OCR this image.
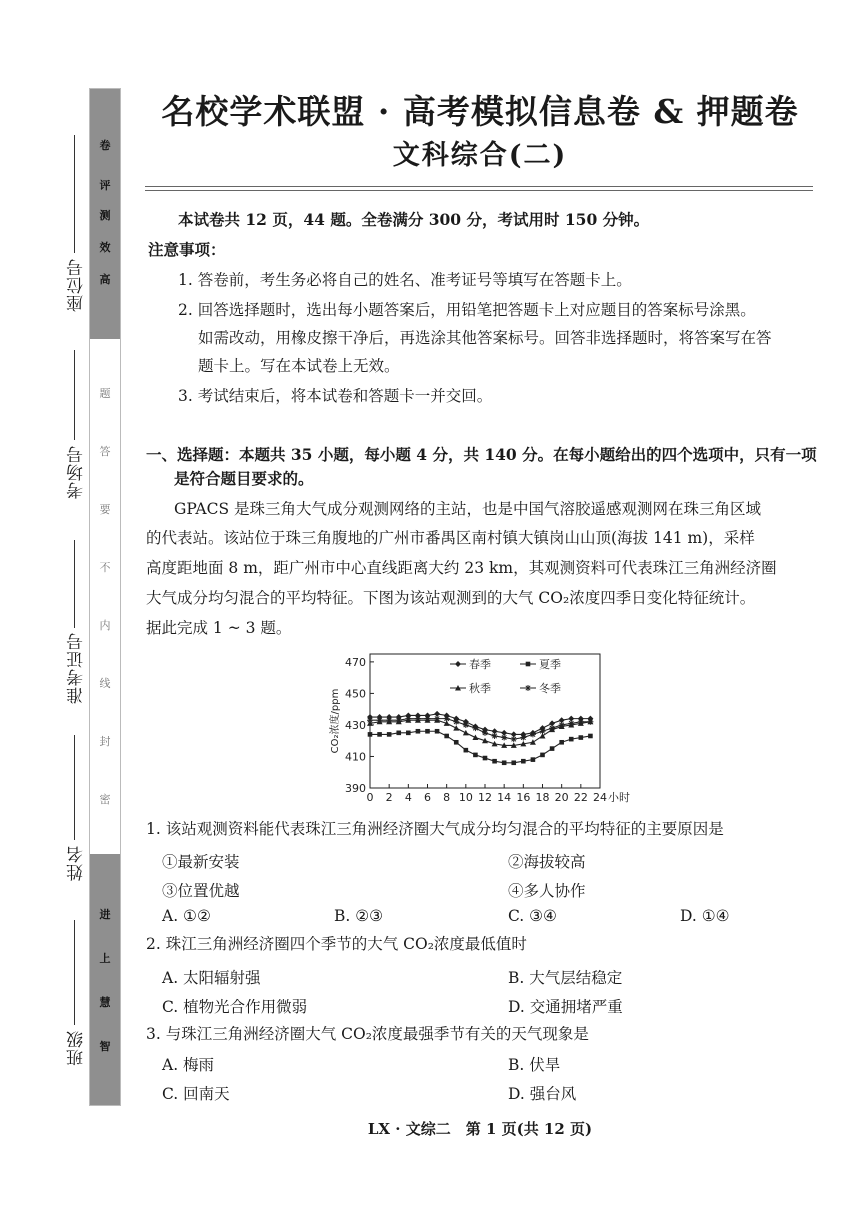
卷
评
测
效
高
题
答
要
不
内
线
封
密
进
上
慧
智
座位号
考场号
准考证号
姓名
班级
名校学术联盟 · 高考模拟信息卷 & 押题卷
文科综合(二)
本试卷共 12 页，44 题。全卷满分 300 分，考试用时 150 分钟。
注意事项：
1. 答卷前，考生务必将自己的姓名、准考证号等填写在答题卡上。
2. 回答选择题时，选出每小题答案后，用铅笔把答题卡上对应题目的答案标号涂黑。
如需改动，用橡皮擦干净后，再选涂其他答案标号。回答非选择题时，将答案写在答
题卡上。写在本试卷上无效。
3. 考试结束后，将本试卷和答题卡一并交回。
一、选择题：本题共 35 小题，每小题 4 分，共 140 分。在每小题给出的四个选项中，只有一项
是符合题目要求的。
GPACS 是珠三角大气成分观测网络的主站，也是中国气溶胶遥感观测网在珠三角区域
的代表站。该站位于珠三角腹地的广州市番禺区南村镇大镇岗山山顶(海拔 141 m)，采样
高度距地面 8 m，距广州市中心直线距离大约 23 km，其观测资料可代表珠江三角洲经济圈
大气成分均匀混合的平均特征。下图为该站观测到的大气 CO₂浓度四季日变化特征统计。
据此完成 1 ~ 3 题。
390
410
430
450
470
0 2 4 6 8 10 12 14 16 18 20 22 24 小时
CO₂浓度/ppm
春季	夏季
秋季	冬季
1. 该站观测资料能代表珠江三角洲经济圈大气成分均匀混合的平均特征的主要原因是
①最新安装	②海拔较高
③位置优越	④多人协作
A. ①②	B. ②③	C. ③④	D. ①④
2. 珠江三角洲经济圈四个季节的大气 CO₂浓度最低值时
A. 太阳辐射强	B. 大气层结稳定
C. 植物光合作用微弱	D. 交通拥堵严重
3. 与珠江三角洲经济圈大气 CO₂浓度最强季节有关的天气现象是
A. 梅雨	B. 伏旱
C. 回南天	D. 强台风
LX · 文综二　第 1 页(共 12 页)
